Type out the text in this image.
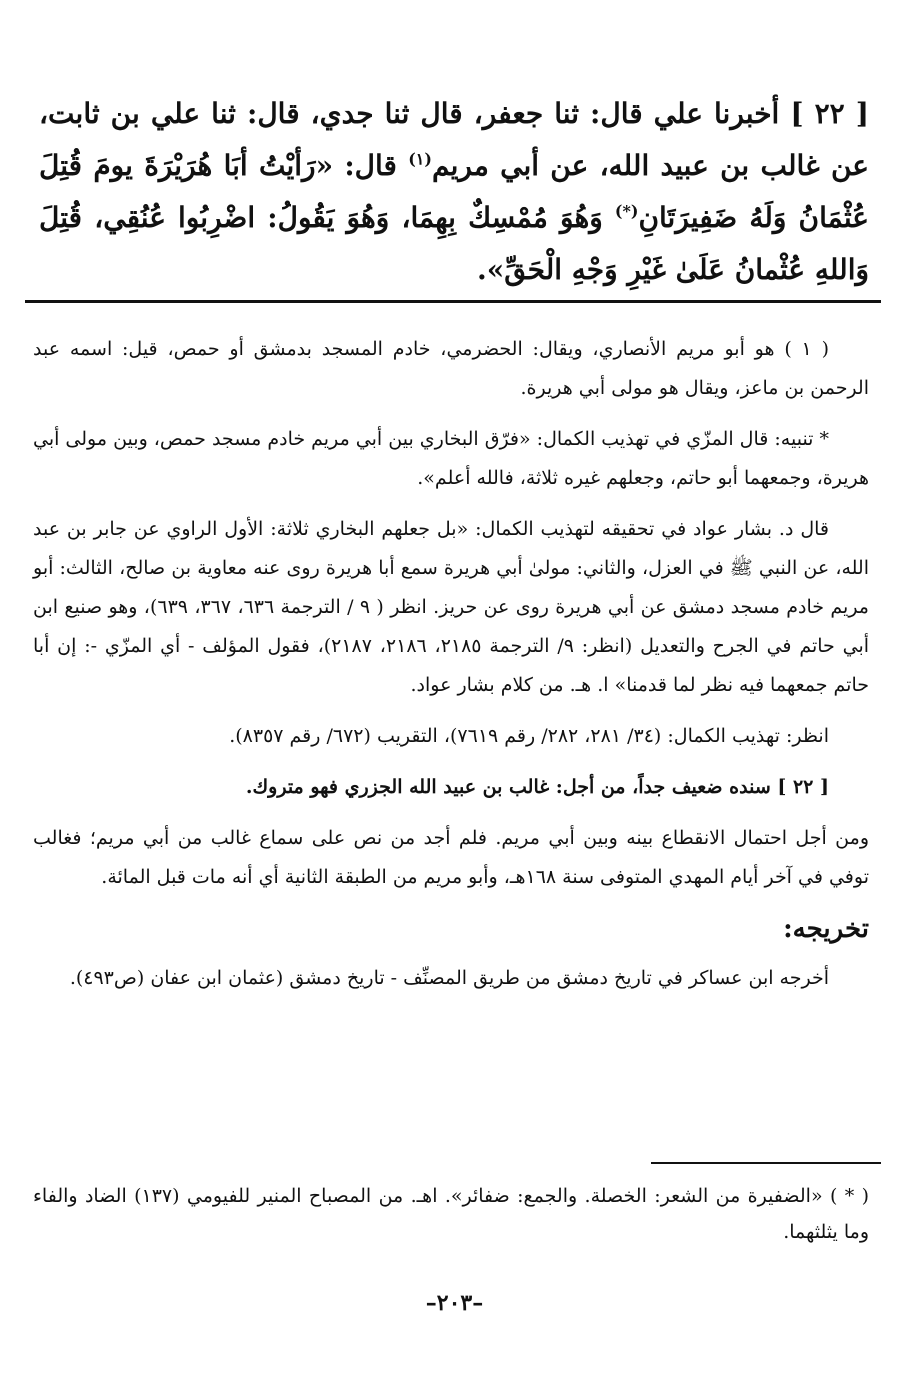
[ ٢٢ ] أخبرنا علي قال: ثنا جعفر، قال ثنا جدي، قال: ثنا علي بن ثابت، عن غالب بن عبيد الله، عن أبي مريم$^{(١)}$ قال: «رَأيْتُ أبَا هُرَيْرَةَ يومَ قُتِلَ عُثْمَانُ وَلَهُ ضَفِيرَتَانِ(*) وَهُوَ مُمْسِكٌ بِهِمَا، وَهُوَ يَقُولُ: اضْرِبُوا عُنُقِي، قُتِلَ وَاللهِ عُثْمانُ عَلَىٰ غَيْرِ وَجْهِ الْحَقِّ».

( ١ ) هو أبو مريم الأنصاري، ويقال: الحضرمي، خادم المسجد بدمشق أو حمص، قيل: اسمه عبد الرحمن بن ماعز، ويقال هو مولى أبي هريرة.

* تنبيه: قال المزّي في تهذيب الكمال: «فرّق البخاري بين أبي مريم خادم مسجد حمص، وبين مولى أبي هريرة، وجمعهما أبو حاتم، وجعلهم غيره ثلاثة، فالله أعلم».

قال د. بشار عواد في تحقيقه لتهذيب الكمال: «بل جعلهم البخاري ثلاثة: الأول الراوي عن جابر بن عبد الله، عن النبي ﷺ في العزل، والثاني: مولىٰ أبي هريرة سمع أبا هريرة روى عنه معاوية بن صالح، الثالث: أبو مريم خادم مسجد دمشق عن أبي هريرة روى عن حريز. انظر ( ٩ / الترجمة ٦٣٦، ٣٦٧، ٦٣٩)، وهو صنيع ابن أبي حاتم في الجرح والتعديل (انظر: ٩/ الترجمة ٢١٨٥، ٢١٨٦، ٢١٨٧)، فقول المؤلف - أي المزّي -: إن أبا حاتم جمعهما فيه نظر لما قدمنا» ا. هـ. من كلام بشار عواد.

انظر: تهذيب الكمال: (٣٤/ ٢٨١، ٢٨٢/ رقم ٧٦١٩)، التقريب (٦٧٢/ رقم ٨٣٥٧).

[ ٢٢ ] سنده ضعيف جداً، من أجل: غالب بن عبيد الله الجزري فهو متروك.

ومن أجل احتمال الانقطاع بينه وبين أبي مريم. فلم أجد من نص على سماع غالب من أبي مريم؛ فغالب توفي في آخر أيام المهدي المتوفى سنة ١٦٨هـ، وأبو مريم من الطبقة الثانية أي أنه مات قبل المائة.

تخريجه:

أخرجه ابن عساكر في تاريخ دمشق من طريق المصنِّف - تاريخ دمشق (عثمان ابن عفان (ص٤٩٣).

( * ) «الضفيرة من الشعر: الخصلة. والجمع: ضفائر». اهـ. من المصباح المنير للفيومي (١٣٧) الضاد والفاء وما يثلثهما.
–٢٠٣–
